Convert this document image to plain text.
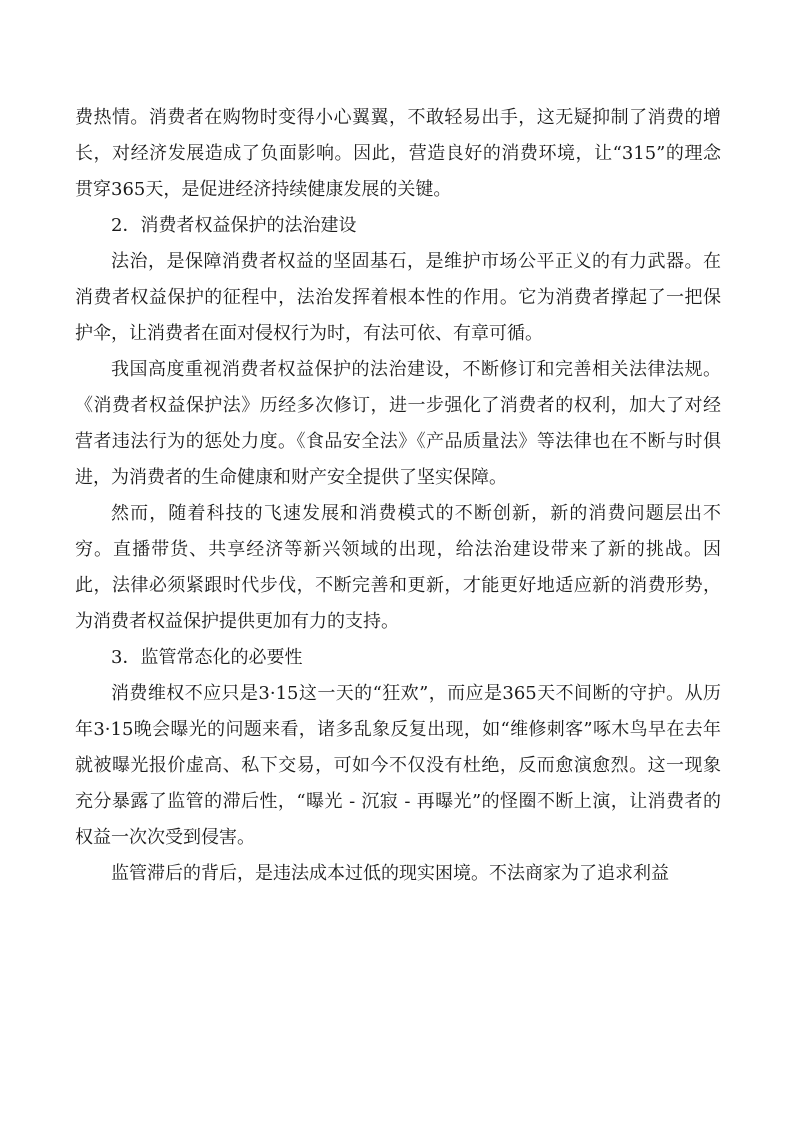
费热情。消费者在购物时变得小心翼翼，不敢轻易出手，这无疑抑制了消费的增长，对经济发展造成了负面影响。因此，营造良好的消费环境，让“315”的理念贯穿365天，是促进经济持续健康发展的关键。

2．消费者权益保护的法治建设

法治，是保障消费者权益的坚固基石，是维护市场公平正义的有力武器。在消费者权益保护的征程中，法治发挥着根本性的作用。它为消费者撑起了一把保护伞，让消费者在面对侵权行为时，有法可依、有章可循。

我国高度重视消费者权益保护的法治建设，不断修订和完善相关法律法规。《消费者权益保护法》历经多次修订，进一步强化了消费者的权利，加大了对经营者违法行为的惩处力度。《食品安全法》《产品质量法》等法律也在不断与时俱进，为消费者的生命健康和财产安全提供了坚实保障。

然而，随着科技的飞速发展和消费模式的不断创新，新的消费问题层出不穷。直播带货、共享经济等新兴领域的出现，给法治建设带来了新的挑战。因此，法律必须紧跟时代步伐，不断完善和更新，才能更好地适应新的消费形势，为消费者权益保护提供更加有力的支持。

3．监管常态化的必要性

消费维权不应只是3·15这一天的“狂欢”，而应是365天不间断的守护。从历年3·15晚会曝光的问题来看，诸多乱象反复出现，如“维修刺客”啄木鸟早在去年就被曝光报价虚高、私下交易，可如今不仅没有杜绝，反而愈演愈烈。这一现象充分暴露了监管的滞后性，“曝光 - 沉寂 - 再曝光”的怪圈不断上演，让消费者的权益一次次受到侵害。

监管滞后的背后，是违法成本过低的现实困境。不法商家为了追求利益
